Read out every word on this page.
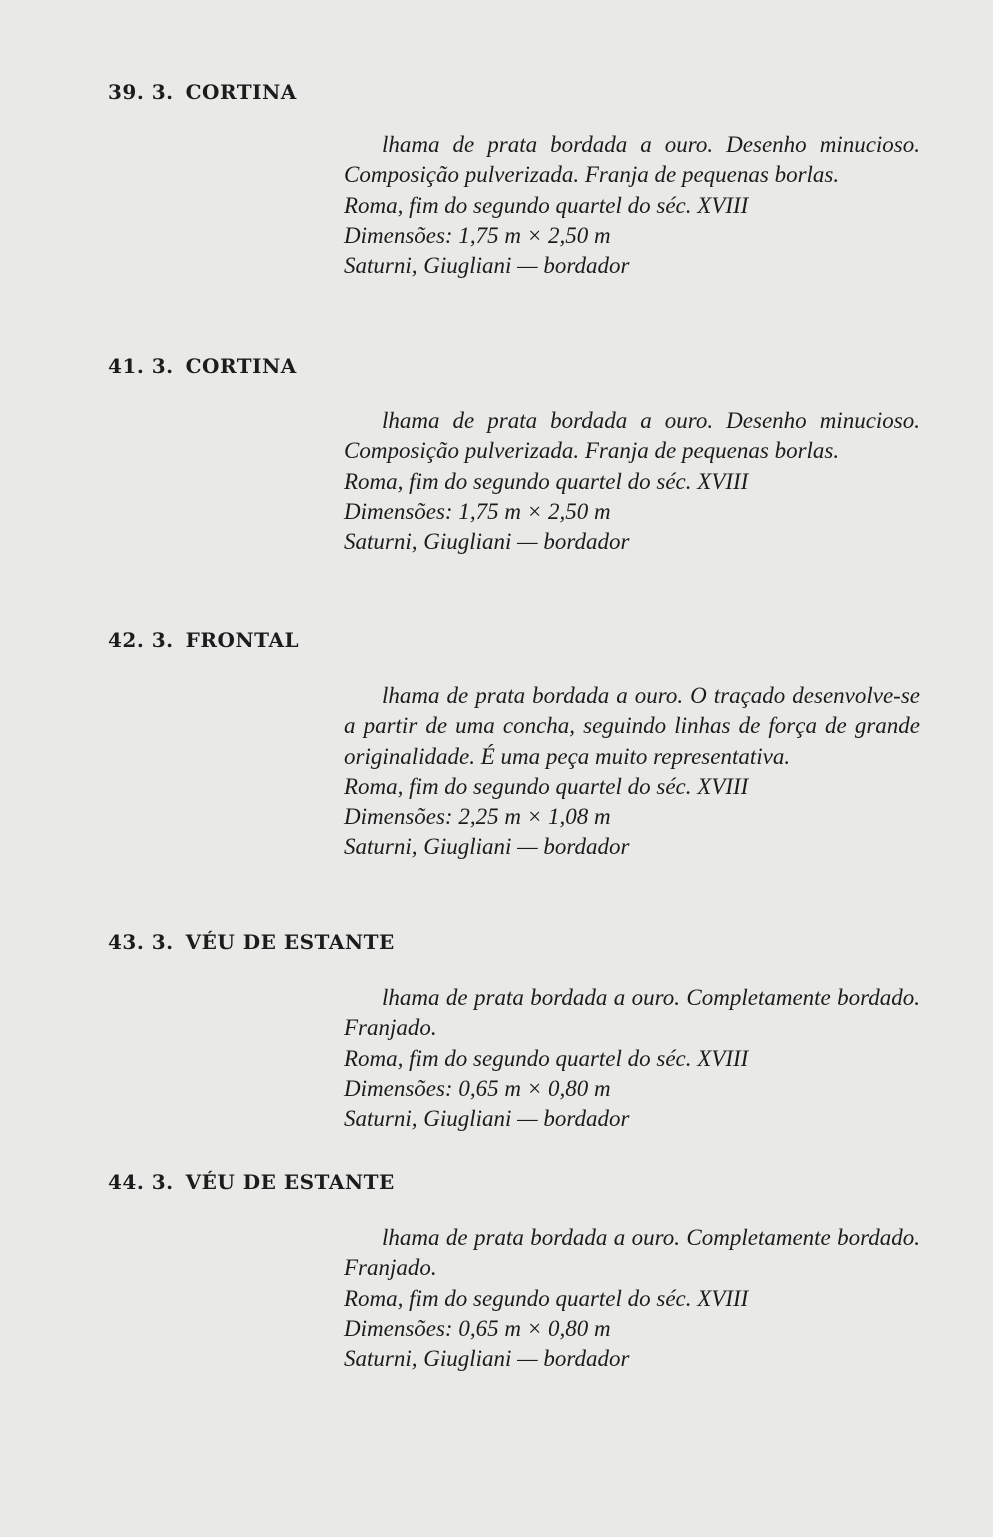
39. 3. CORTINA
lhama de prata bordada a ouro. Desenho minucioso. Composição pulverizada. Franja de pequenas borlas.
Roma, fim do segundo quartel do séc. XVIII
Dimensões: 1,75 m × 2,50 m
Saturni, Giugliani — bordador
41. 3. CORTINA
lhama de prata bordada a ouro. Desenho minucioso. Composição pulverizada. Franja de pequenas borlas.
Roma, fim do segundo quartel do séc. XVIII
Dimensões: 1,75 m × 2,50 m
Saturni, Giugliani — bordador
42. 3. FRONTAL
lhama de prata bordada a ouro. O traçado desenvolve-se a partir de uma concha, seguindo linhas de força de grande originalidade. É uma peça muito representativa.
Roma, fim do segundo quartel do séc. XVIII
Dimensões: 2,25 m × 1,08 m
Saturni, Giugliani — bordador
43. 3. VÉU DE ESTANTE
lhama de prata bordada a ouro. Completamente bordado. Franjado.
Roma, fim do segundo quartel do séc. XVIII
Dimensões: 0,65 m × 0,80 m
Saturni, Giugliani — bordador
44. 3. VÉU DE ESTANTE
lhama de prata bordada a ouro. Completamente bordado. Franjado.
Roma, fim do segundo quartel do séc. XVIII
Dimensões: 0,65 m × 0,80 m
Saturni, Giugliani — bordador
